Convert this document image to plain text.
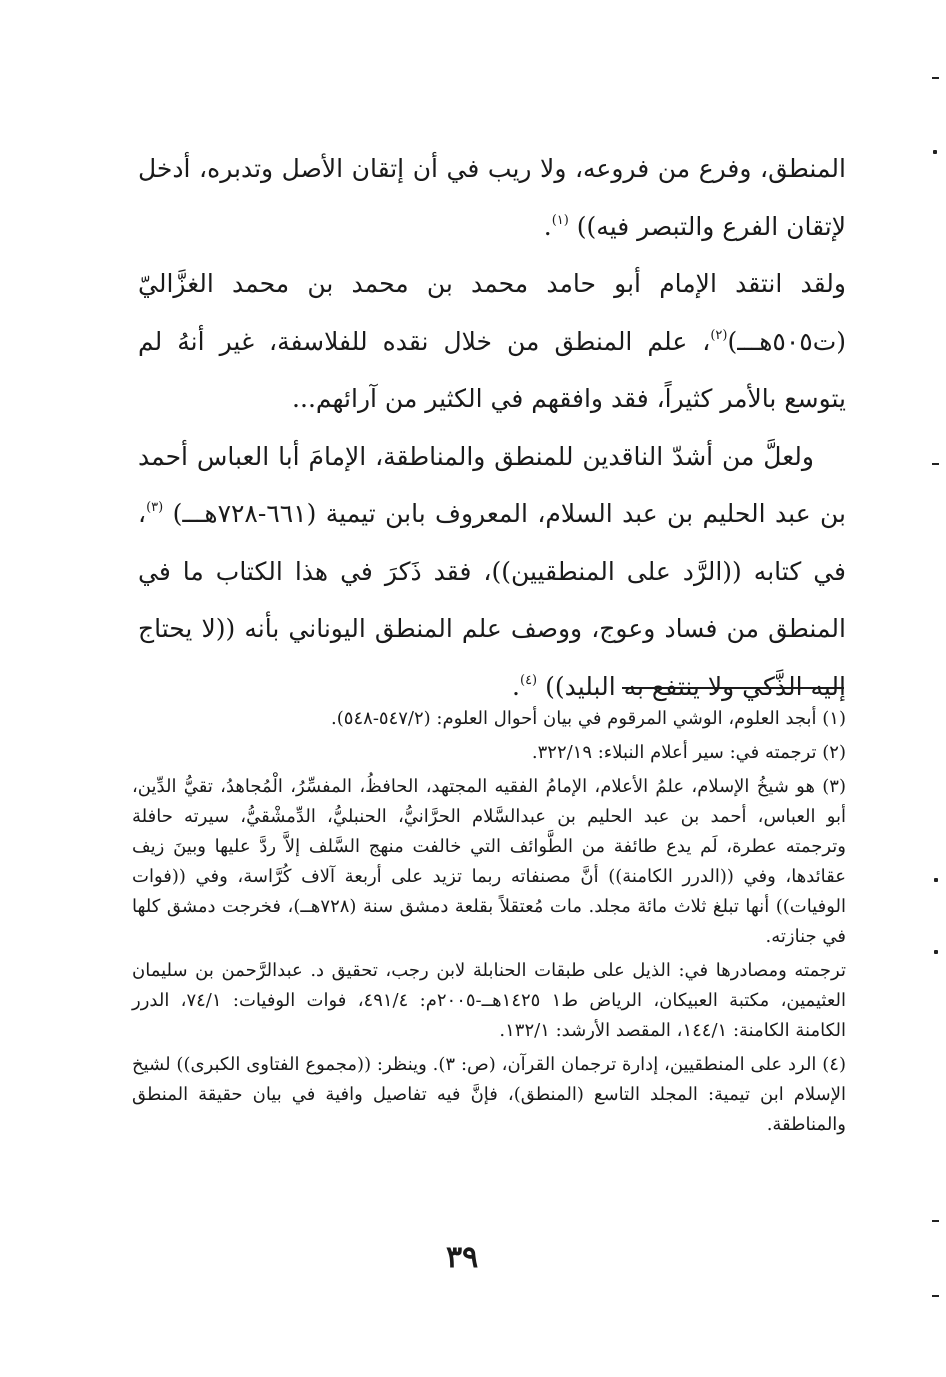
المنطق، وفرع من فروعه، ولا ريب في أن إتقان الأصل وتدبره، أدخل لإتقان الفرع والتبصر فيه)) $^{(١)}$.

ولقد انتقد الإمام أبو حامد محمد بن محمد بن محمد الغزَّاليّ (ت٥٠٥هـــ)$^{(٢)}$، علم المنطق من خلال نقده للفلاسفة، غير أنهُ لم يتوسع بالأمر كثيراً، فقد وافقهم في الكثير من آرائهم...

ولعلَّ من أشدّ الناقدين للمنطق والمناطقة، الإمامَ أبا العباس أحمد بن عبد الحليم بن عبد السلام، المعروف بابن تيمية (٦٦١-٧٢٨هـــ) $^{(٣)}$، في كتابه ((الرَّد على المنطقيين))، فقد ذَكرَ في هذا الكتاب ما في المنطق من فساد وعوج، ووصف علم المنطق اليوناني بأنه ((لا يحتاج إليه الذَّكي ولا ينتفع به البليد)) $^{(٤)}$.

(١) أبجد العلوم، الوشي المرقوم في بيان أحوال العلوم: (٥٤٧/٢-٥٤٨).

(٢) ترجمته في: سير أعلام النبلاء: ٣٢٢/١٩.

(٣) هو شيخُ الإسلام، علمُ الأعلام، الإمامُ الفقيه المجتهد، الحافظُ، المفسِّرُ، الْمُجاهدُ، تقيُّ الدِّين، أبو العباس، أحمد بن عبد الحليم بن عبدالسَّلام الحرَّانيُّ، الحنبليُّ، الدِّمشْقيُّ، سيرته حافلة وترجمته عطرة، لَم يدع طائفة من الطَّوائف التي خالفت منهج السَّلف إلاَّ ردَّ عليها وبينَ زيف عقائدها، وفي ((الدرر الكامنة)) أنَّ مصنفاته ربما تزيد على أربعة آلاف كُرَّاسة، وفي ((فوات الوفيات)) أنها تبلغ ثلاث مائة مجلد. مات مُعتقلاً بقلعة دمشق سنة (٧٢٨هــ)، فخرجت دمشق كلها في جنازته.

ترجمته ومصادرها في: الذيل على طبقات الحنابلة لابن رجب، تحقيق د. عبدالرَّحمن بن سليمان العثيمين، مكتبة العبيكان، الرياض ط١ ١٤٢٥هــ-٢٠٠٥م: ٤٩١/٤، فوات الوفيات: ٧٤/١، الدرر الكامنة الكامنة: ١٤٤/١، المقصد الأرشد: ١٣٢/١.

(٤) الرد على المنطقيين، إدارة ترجمان القرآن، (ص: ٣). وينظر: ((مجموع الفتاوى الكبرى)) لشيخ الإسلام ابن تيمية: المجلد التاسع (المنطق)، فإنَّ فيه تفاصيل وافية في بيان حقيقة المنطق والمناطقة.

٣٩
